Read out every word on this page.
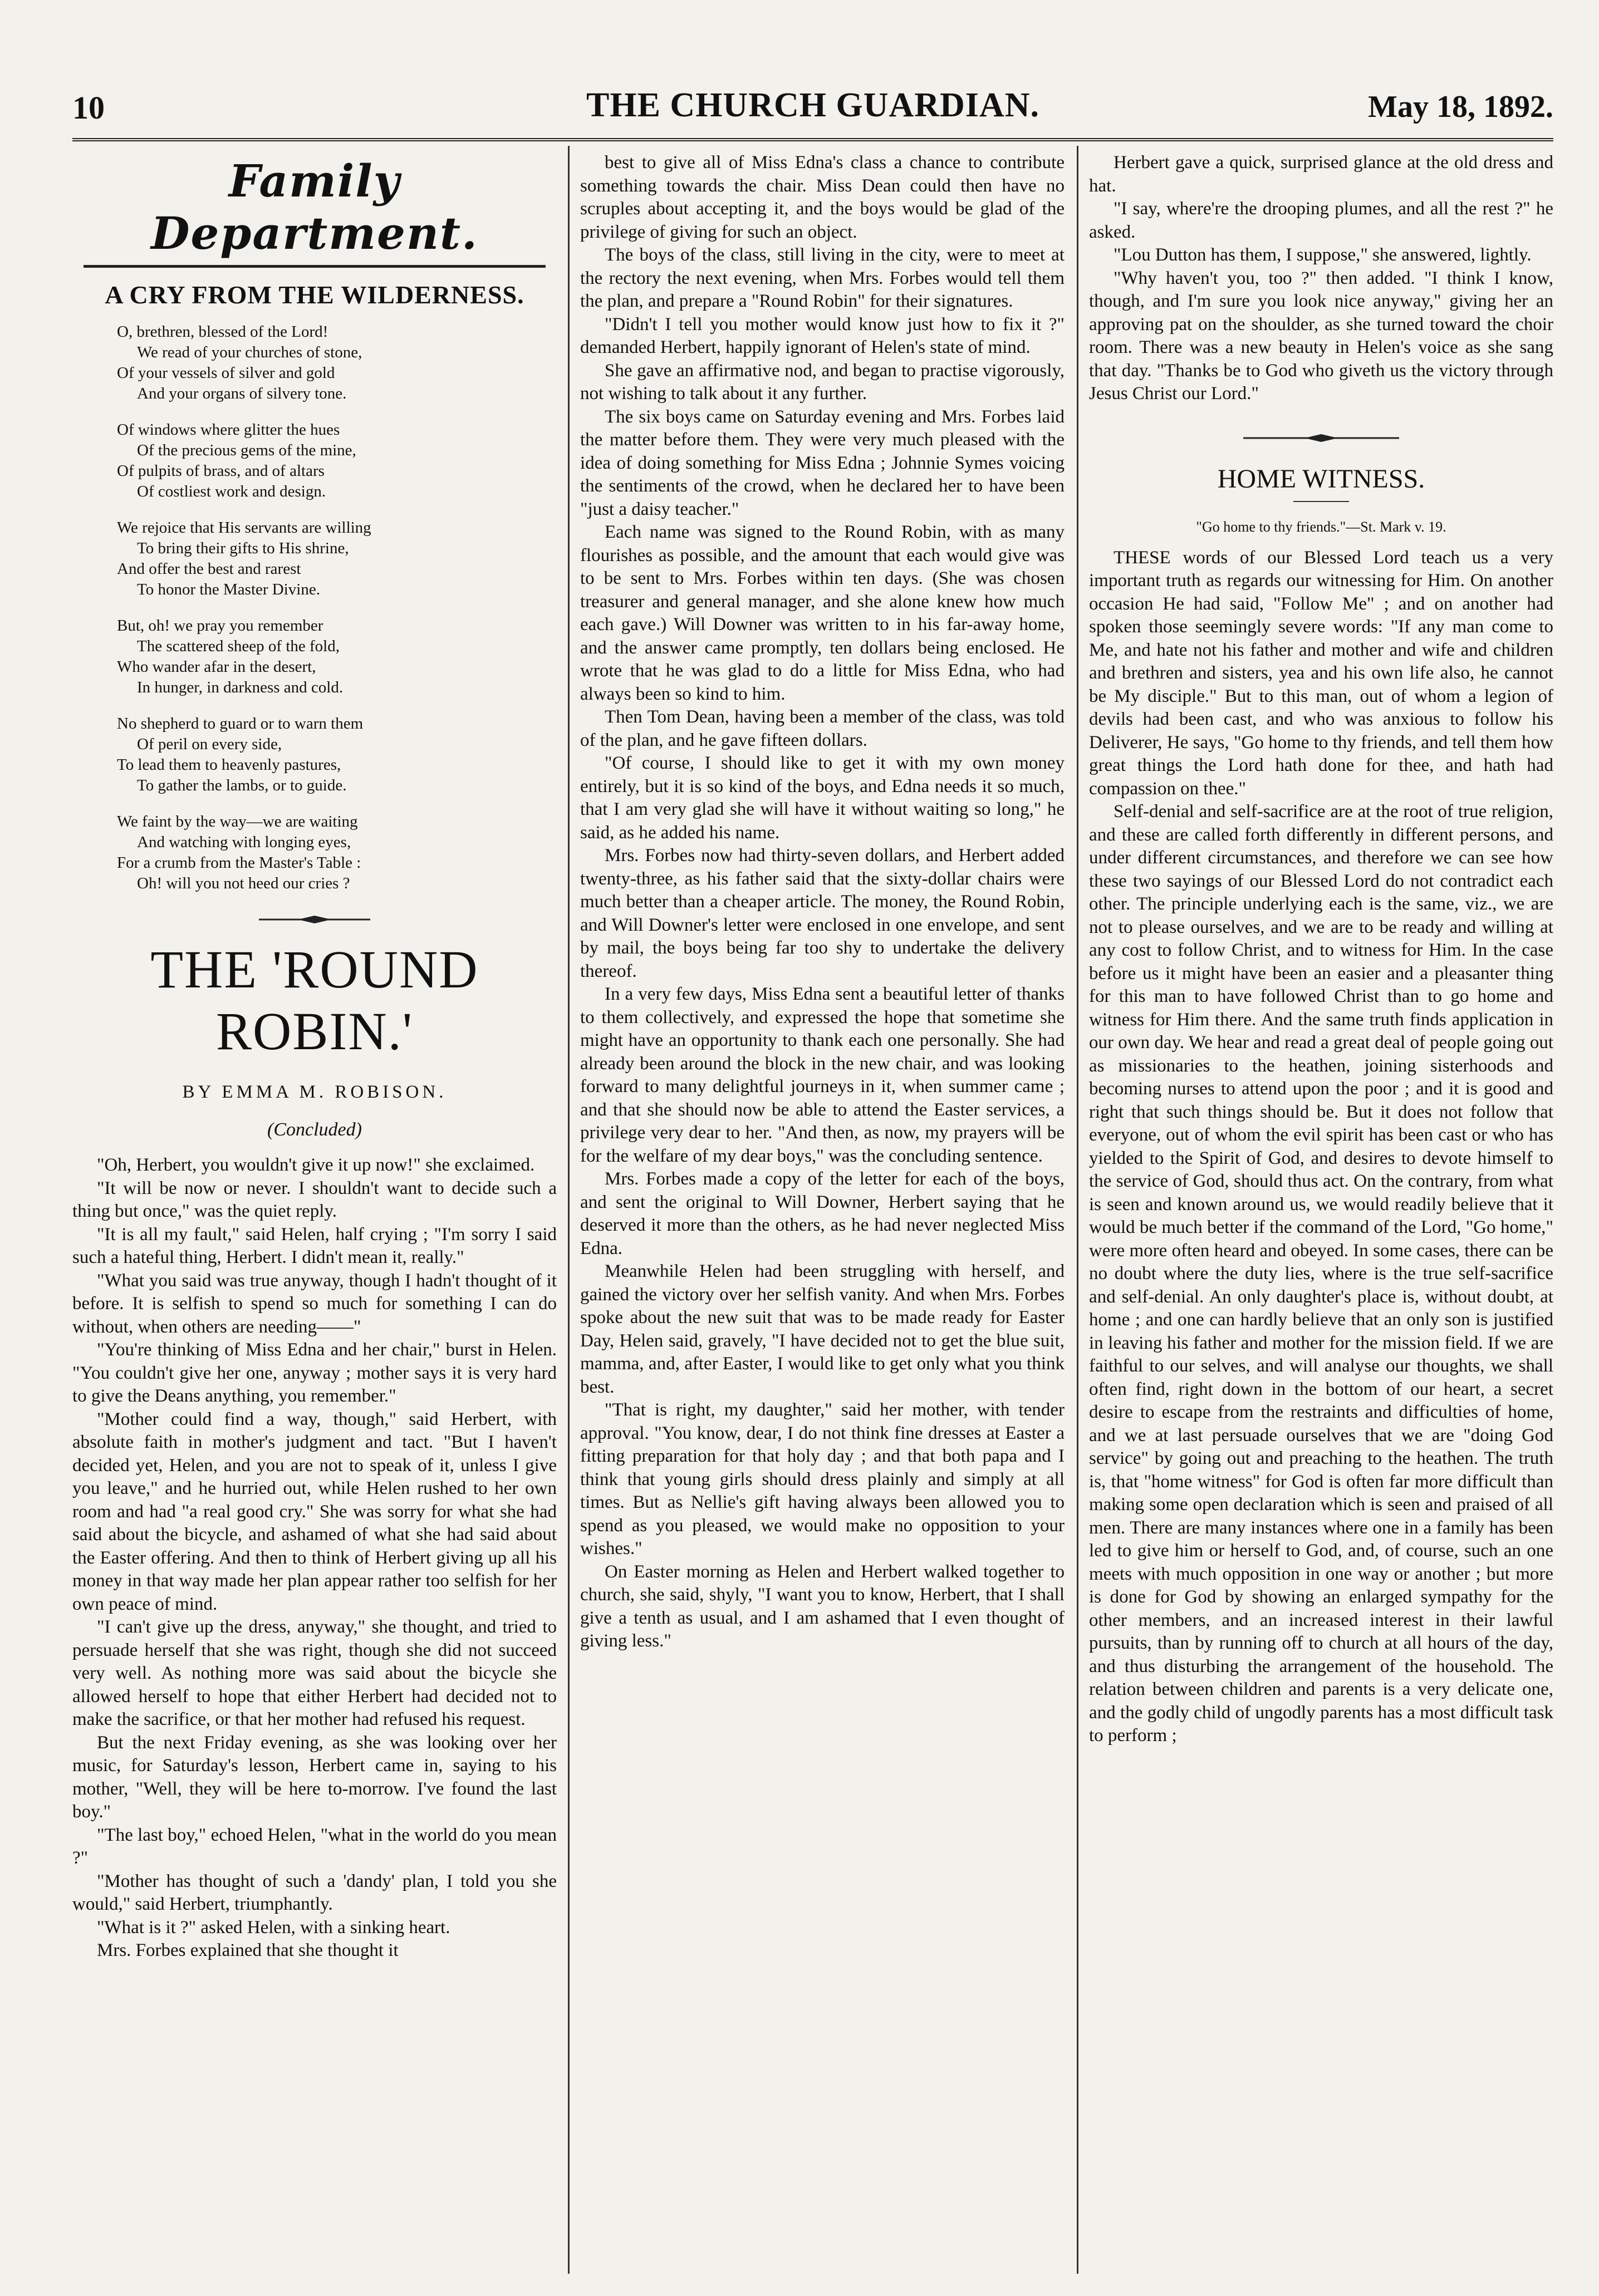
10	THE CHURCH GUARDIAN.	May 18, 1892.
Family Department.
A CRY FROM THE WILDERNESS.
O, brethren, blessed of the Lord!
We read of your churches of stone,
Of your vessels of silver and gold
And your organs of silvery tone.
Of windows where glitter the hues
Of the precious gems of the mine,
Of pulpits of brass, and of altars
Of costliest work and design.
We rejoice that His servants are willing
To bring their gifts to His shrine,
And offer the best and rarest
To honor the Master Divine.
But, oh! we pray you remember
The scattered sheep of the fold,
Who wander afar in the desert,
In hunger, in darkness and cold.
No shepherd to guard or to warn them
Of peril on every side,
To lead them to heavenly pastures,
To gather the lambs, or to guide.
We faint by the way—we are waiting
And watching with longing eyes,
For a crumb from the Master's Table :
Oh! will you not heed our cries ?
THE 'ROUND ROBIN.'
BY EMMA M. ROBISON.
(Concluded)

"Oh, Herbert, you wouldn't give it up now!" she exclaimed.

"It will be now or never. I shouldn't want to decide such a thing but once," was the quiet reply.

"It is all my fault," said Helen, half crying ; "I'm sorry I said such a hateful thing, Herbert. I didn't mean it, really."

"What you said was true anyway, though I hadn't thought of it before. It is selfish to spend so much for something I can do without, when others are needing——"

"You're thinking of Miss Edna and her chair," burst in Helen. "You couldn't give her one, anyway ; mother says it is very hard to give the Deans anything, you remember."

"Mother could find a way, though," said Herbert, with absolute faith in mother's judgment and tact. "But I haven't decided yet, Helen, and you are not to speak of it, unless I give you leave," and he hurried out, while Helen rushed to her own room and had "a real good cry." She was sorry for what she had said about the bicycle, and ashamed of what she had said about the Easter offering. And then to think of Herbert giving up all his money in that way made her plan appear rather too selfish for her own peace of mind.

"I can't give up the dress, anyway," she thought, and tried to persuade herself that she was right, though she did not succeed very well. As nothing more was said about the bicycle she allowed herself to hope that either Herbert had decided not to make the sacrifice, or that her mother had refused his request.

But the next Friday evening, as she was looking over her music, for Saturday's lesson, Herbert came in, saying to his mother, "Well, they will be here to-morrow. I've found the last boy."

"The last boy," echoed Helen, "what in the world do you mean ?"

"Mother has thought of such a 'dandy' plan, I told you she would," said Herbert, triumphantly.

"What is it ?" asked Helen, with a sinking heart.

Mrs. Forbes explained that she thought it

best to give all of Miss Edna's class a chance to contribute something towards the chair. Miss Dean could then have no scruples about accepting it, and the boys would be glad of the privilege of giving for such an object.

The boys of the class, still living in the city, were to meet at the rectory the next evening, when Mrs. Forbes would tell them the plan, and prepare a "Round Robin" for their signatures.

"Didn't I tell you mother would know just how to fix it ?" demanded Herbert, happily ignorant of Helen's state of mind.

She gave an affirmative nod, and began to practise vigorously, not wishing to talk about it any further.

The six boys came on Saturday evening and Mrs. Forbes laid the matter before them. They were very much pleased with the idea of doing something for Miss Edna ; Johnnie Symes voicing the sentiments of the crowd, when he declared her to have been "just a daisy teacher."

Each name was signed to the Round Robin, with as many flourishes as possible, and the amount that each would give was to be sent to Mrs. Forbes within ten days. (She was chosen treasurer and general manager, and she alone knew how much each gave.) Will Downer was written to in his far-away home, and the answer came promptly, ten dollars being enclosed. He wrote that he was glad to do a little for Miss Edna, who had always been so kind to him.

Then Tom Dean, having been a member of the class, was told of the plan, and he gave fifteen dollars.

"Of course, I should like to get it with my own money entirely, but it is so kind of the boys, and Edna needs it so much, that I am very glad she will have it without waiting so long," he said, as he added his name.

Mrs. Forbes now had thirty-seven dollars, and Herbert added twenty-three, as his father said that the sixty-dollar chairs were much better than a cheaper article. The money, the Round Robin, and Will Downer's letter were enclosed in one envelope, and sent by mail, the boys being far too shy to undertake the delivery thereof.

In a very few days, Miss Edna sent a beautiful letter of thanks to them collectively, and expressed the hope that sometime she might have an opportunity to thank each one personally. She had already been around the block in the new chair, and was looking forward to many delightful journeys in it, when summer came ; and that she should now be able to attend the Easter services, a privilege very dear to her. "And then, as now, my prayers will be for the welfare of my dear boys," was the concluding sentence.

Mrs. Forbes made a copy of the letter for each of the boys, and sent the original to Will Downer, Herbert saying that he deserved it more than the others, as he had never neglected Miss Edna.

Meanwhile Helen had been struggling with herself, and gained the victory over her selfish vanity. And when Mrs. Forbes spoke about the new suit that was to be made ready for Easter Day, Helen said, gravely, "I have decided not to get the blue suit, mamma, and, after Easter, I would like to get only what you think best.

"That is right, my daughter," said her mother, with tender approval. "You know, dear, I do not think fine dresses at Easter a fitting preparation for that holy day ; and that both papa and I think that young girls should dress plainly and simply at all times. But as Nellie's gift having always been allowed you to spend as you pleased, we would make no opposition to your wishes."

On Easter morning as Helen and Herbert walked together to church, she said, shyly, "I want you to know, Herbert, that I shall give a tenth as usual, and I am ashamed that I even thought of giving less."

Herbert gave a quick, surprised glance at the old dress and hat.

"I say, where're the drooping plumes, and all the rest ?" he asked.

"Lou Dutton has them, I suppose," she answered, lightly.

"Why haven't you, too ?" then added. "I think I know, though, and I'm sure you look nice anyway," giving her an approving pat on the shoulder, as she turned toward the choir room. There was a new beauty in Helen's voice as she sang that day. "Thanks be to God who giveth us the victory through Jesus Christ our Lord."

HOME WITNESS.
"Go home to thy friends."—St. Mark v. 19.

THESE words of our Blessed Lord teach us a very important truth as regards our witnessing for Him. On another occasion He had said, "Follow Me" ; and on another had spoken those seemingly severe words: "If any man come to Me, and hate not his father and mother and wife and children and brethren and sisters, yea and his own life also, he cannot be My disciple." But to this man, out of whom a legion of devils had been cast, and who was anxious to follow his Deliverer, He says, "Go home to thy friends, and tell them how great things the Lord hath done for thee, and hath had compassion on thee."

Self-denial and self-sacrifice are at the root of true religion, and these are called forth differently in different persons, and under different circumstances, and therefore we can see how these two sayings of our Blessed Lord do not contradict each other. The principle underlying each is the same, viz., we are not to please ourselves, and we are to be ready and willing at any cost to follow Christ, and to witness for Him. In the case before us it might have been an easier and a pleasanter thing for this man to have followed Christ than to go home and witness for Him there. And the same truth finds application in our own day. We hear and read a great deal of people going out as missionaries to the heathen, joining sisterhoods and becoming nurses to attend upon the poor ; and it is good and right that such things should be. But it does not follow that everyone, out of whom the evil spirit has been cast or who has yielded to the Spirit of God, and desires to devote himself to the service of God, should thus act. On the contrary, from what is seen and known around us, we would readily believe that it would be much better if the command of the Lord, "Go home," were more often heard and obeyed. In some cases, there can be no doubt where the duty lies, where is the true self-sacrifice and self-denial. An only daughter's place is, without doubt, at home ; and one can hardly believe that an only son is justified in leaving his father and mother for the mission field. If we are faithful to our selves, and will analyse our thoughts, we shall often find, right down in the bottom of our heart, a secret desire to escape from the restraints and difficulties of home, and we at last persuade ourselves that we are "doing God service" by going out and preaching to the heathen. The truth is, that "home witness" for God is often far more difficult than making some open declaration which is seen and praised of all men. There are many instances where one in a family has been led to give him or herself to God, and, of course, such an one meets with much opposition in one way or another ; but more is done for God by showing an enlarged sympathy for the other members, and an increased interest in their lawful pursuits, than by running off to church at all hours of the day, and thus disturbing the arrangement of the household. The relation between children and parents is a very delicate one, and the godly child of ungodly parents has a most difficult task to perform ;
